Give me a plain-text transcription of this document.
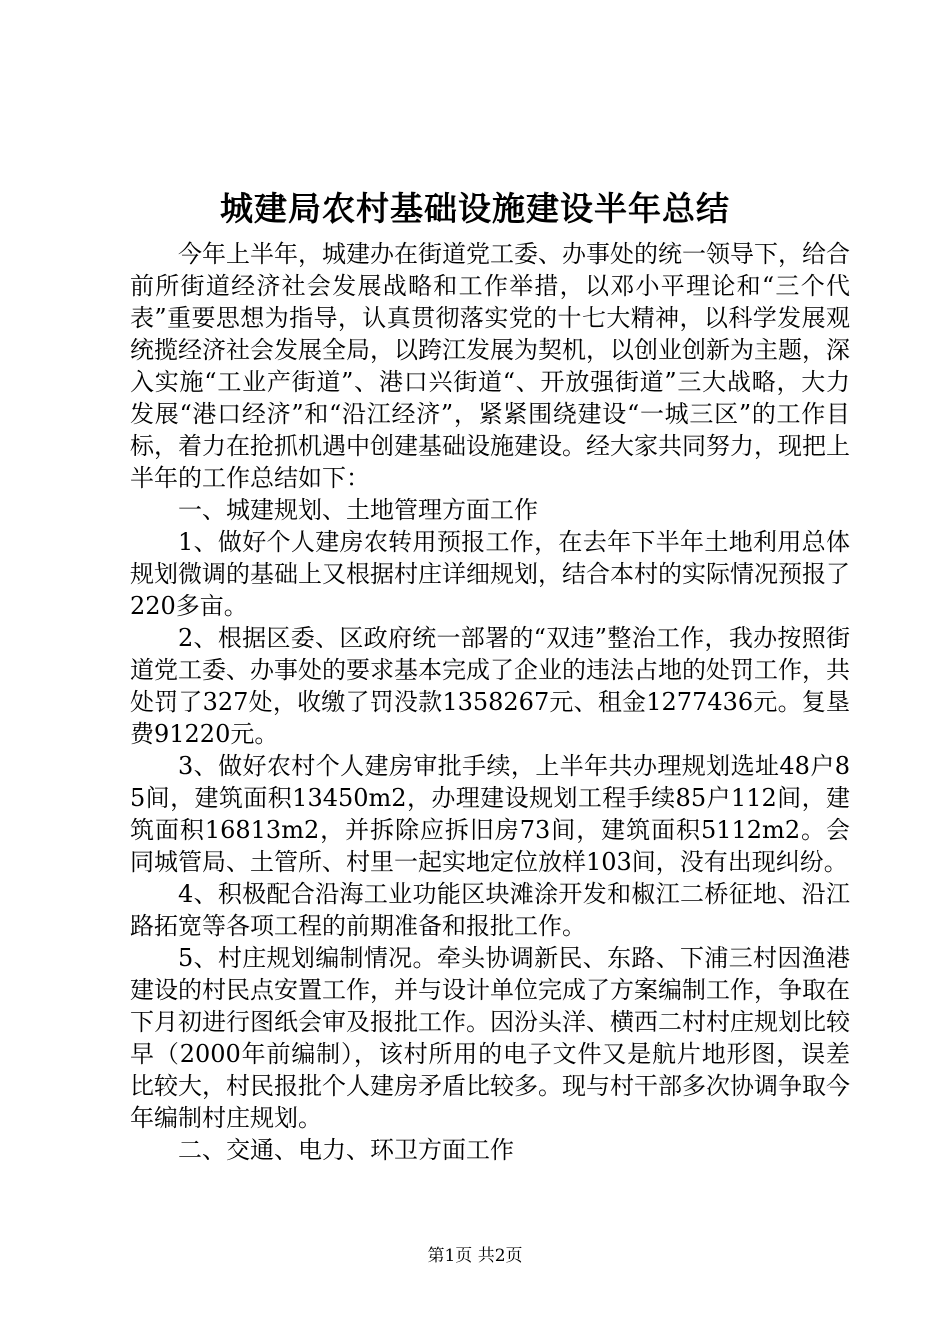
城建局农村基础设施建设半年总结

今年上半年，城建办在街道党工委、办事处的统一领导下，给合前所街道经济社会发展战略和工作举措，以邓小平理论和“三个代表”重要思想为指导，认真贯彻落实党的十七大精神，以科学发展观统揽经济社会发展全局，以跨江发展为契机，以创业创新为主题，深入实施“工业产街道”、港口兴街道“、开放强街道”三大战略，大力发展“港口经济”和“沿江经济”，紧紧围绕建设“一城三区”的工作目标，着力在抢抓机遇中创建基础设施建设。经大家共同努力，现把上半年的工作总结如下：

一、城建规划、土地管理方面工作

1、做好个人建房农转用预报工作，在去年下半年土地利用总体规划微调的基础上又根据村庄详细规划，结合本村的实际情况预报了220多亩。

2、根据区委、区政府统一部署的“双违”整治工作，我办按照街道党工委、办事处的要求基本完成了企业的违法占地的处罚工作，共处罚了327处，收缴了罚没款1358267元、租金1277436元。复垦费91220元。

3、做好农村个人建房审批手续，上半年共办理规划选址48户85间，建筑面积13450m2，办理建设规划工程手续85户112间，建筑面积16813m2，并拆除应拆旧房73间，建筑面积5112m2。会同城管局、土管所、村里一起实地定位放样103间，没有出现纠纷。

4、积极配合沿海工业功能区块滩涂开发和椒江二桥征地、沿江路拓宽等各项工程的前期准备和报批工作。

5、村庄规划编制情况。牵头协调新民、东路、下浦三村因渔港建设的村民点安置工作，并与设计单位完成了方案编制工作，争取在下月初进行图纸会审及报批工作。因汾头洋、横西二村村庄规划比较早（2000年前编制），该村所用的电子文件又是航片地形图，误差比较大，村民报批个人建房矛盾比较多。现与村干部多次协调争取今年编制村庄规划。

二、交通、电力、环卫方面工作

第1页 共2页
